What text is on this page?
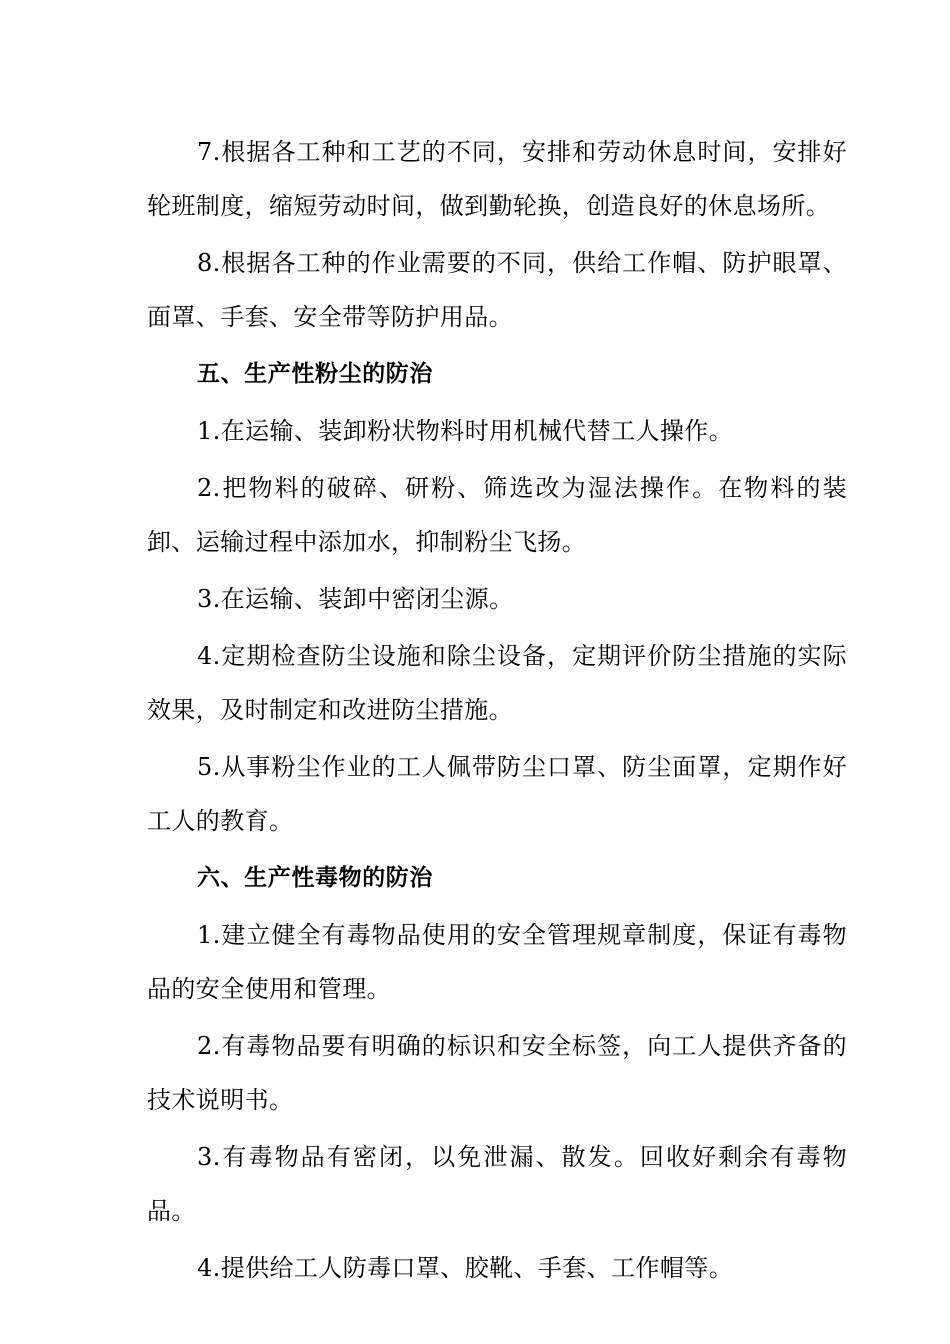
7.根据各工种和工艺的不同，安排和劳动休息时间，安排好轮班制度，缩短劳动时间，做到勤轮换，创造良好的休息场所。

8.根据各工种的作业需要的不同，供给工作帽、防护眼罩、面罩、手套、安全带等防护用品。

五、生产性粉尘的防治

1.在运输、装卸粉状物料时用机械代替工人操作。

2.把物料的破碎、研粉、筛选改为湿法操作。在物料的装卸、运输过程中添加水，抑制粉尘飞扬。

3.在运输、装卸中密闭尘源。

4.定期检查防尘设施和除尘设备，定期评价防尘措施的实际效果，及时制定和改进防尘措施。

5.从事粉尘作业的工人佩带防尘口罩、防尘面罩，定期作好工人的教育。

六、生产性毒物的防治

1.建立健全有毒物品使用的安全管理规章制度，保证有毒物品的安全使用和管理。

2.有毒物品要有明确的标识和安全标签，向工人提供齐备的技术说明书。

3.有毒物品有密闭，以免泄漏、散发。回收好剩余有毒物品。

4.提供给工人防毒口罩、胶靴、手套、工作帽等。
